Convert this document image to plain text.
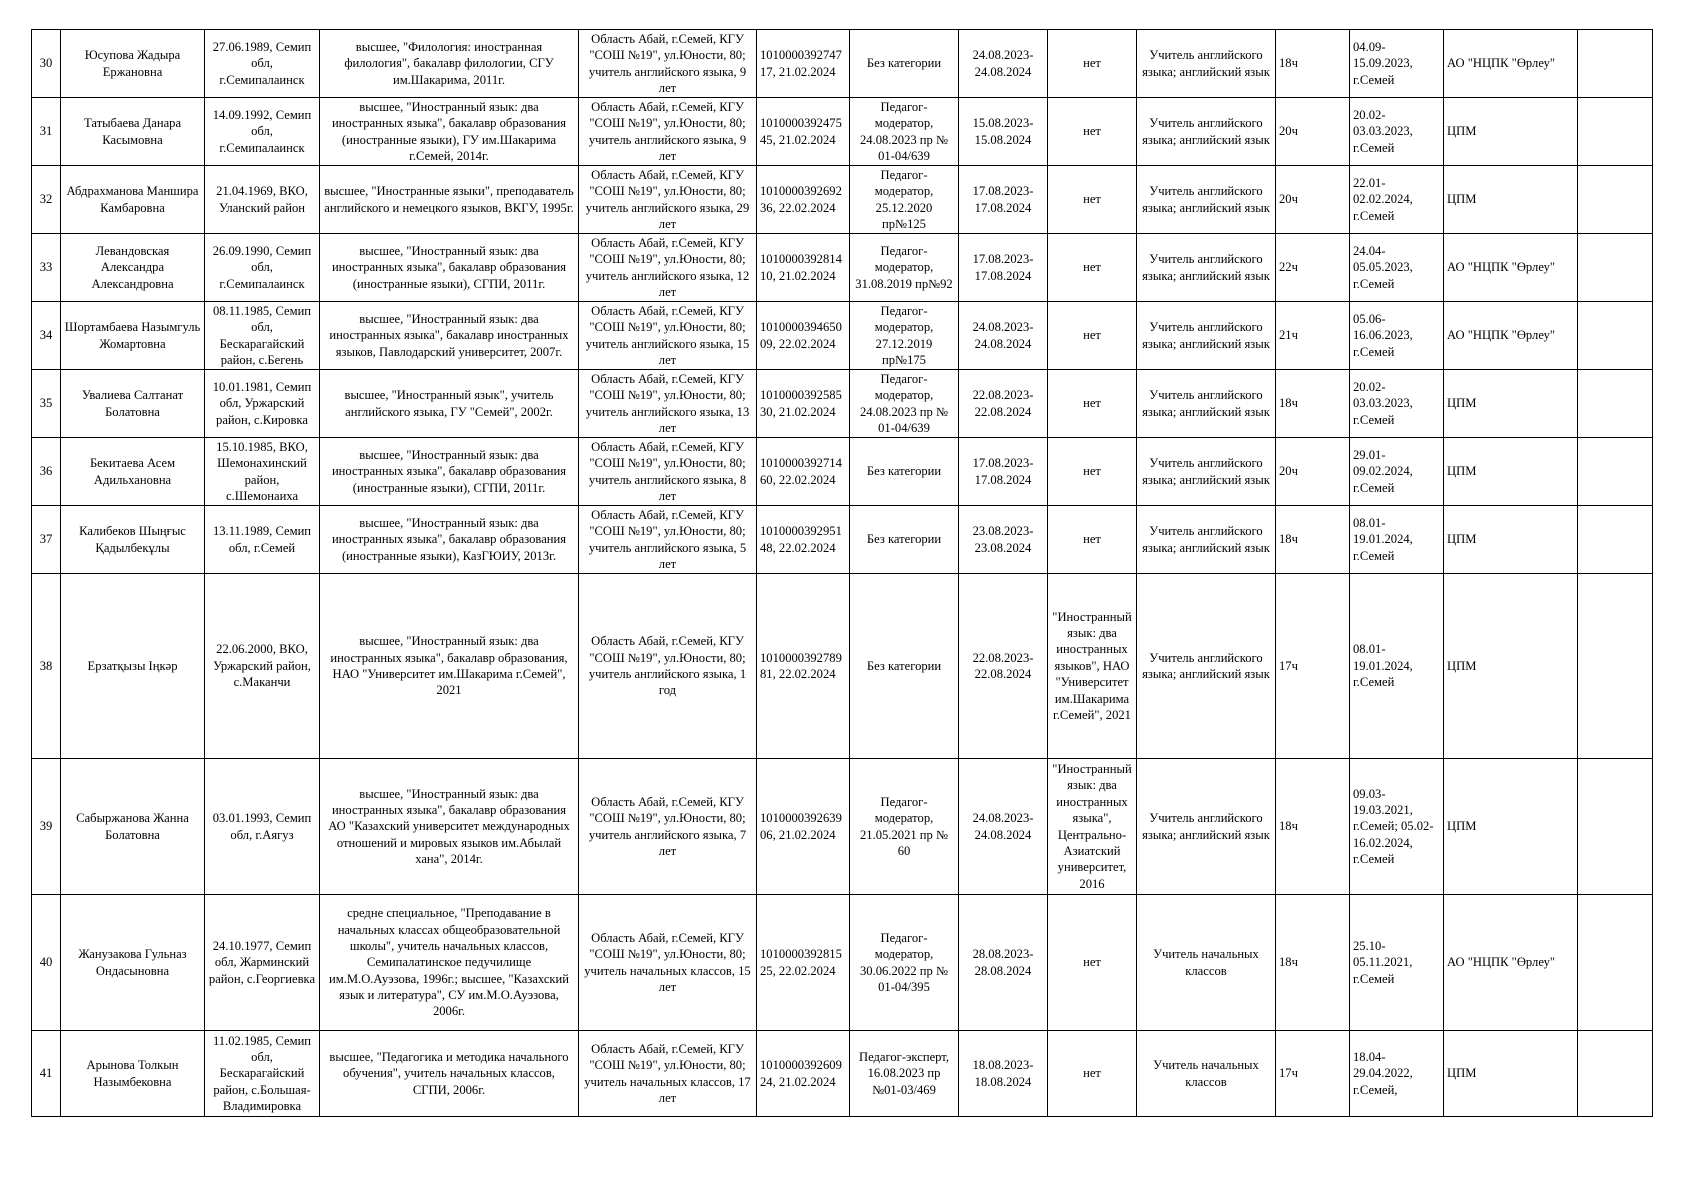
30	Юсупова Жадыра Ержановна	27.06.1989, Семип обл, г.Семипалаинск	высшее, "Филология: иностранная филология", бакалавр филологии, СГУ им.Шакарима, 2011г.	Область Абай, г.Семей, КГУ "СОШ №19", ул.Юности, 80; учитель английского языка, 9 лет	101000039274717, 21.02.2024	Без категории	24.08.2023-24.08.2024	нет	Учитель английского языка; английский язык	18ч	04.09-15.09.2023, г.Семей	АО "НЦПК "Өрлеу"	
31	Татыбаева Данара Касымовна	14.09.1992, Семип обл, г.Семипалаинск	высшее, "Иностранный язык: два иностранных языка", бакалавр образования (иностранные языки), ГУ им.Шакарима г.Семей, 2014г.	Область Абай, г.Семей, КГУ "СОШ №19", ул.Юности, 80; учитель английского языка, 9 лет	101000039247545, 21.02.2024	Педагог-модератор, 24.08.2023 пр № 01-04/639	15.08.2023-15.08.2024	нет	Учитель английского языка; английский язык	20ч	20.02-03.03.2023, г.Семей	ЦПМ	
32	Абдрахманова Маншира Камбаровна	21.04.1969, ВКО, Уланский район	высшее, "Иностранные языки", преподаватель английского и немецкого языков, ВКГУ, 1995г.	Область Абай, г.Семей, КГУ "СОШ №19", ул.Юности, 80; учитель английского языка, 29 лет	101000039269236, 22.02.2024	Педагог-модератор, 25.12.2020 пр№125	17.08.2023-17.08.2024	нет	Учитель английского языка; английский язык	20ч	22.01-02.02.2024, г.Семей	ЦПМ	
33	Левандовская Александра Александровна	26.09.1990, Семип обл, г.Семипалаинск	высшее, "Иностранный язык: два иностранных языка", бакалавр образования (иностранные языки), СГПИ, 2011г.	Область Абай, г.Семей, КГУ "СОШ №19", ул.Юности, 80; учитель английского языка, 12 лет	101000039281410, 21.02.2024	Педагог-модератор, 31.08.2019 пр№92	17.08.2023-17.08.2024	нет	Учитель английского языка; английский язык	22ч	24.04-05.05.2023, г.Семей	АО "НЦПК "Өрлеу"	
34	Шортамбаева Назымгуль Жомартовна	08.11.1985, Семип обл, Бескарагайский район, с.Бегень	высшее, "Иностранный язык: два иностранных языка", бакалавр иностранных языков, Павлодарский университет, 2007г.	Область Абай, г.Семей, КГУ "СОШ №19", ул.Юности, 80; учитель английского языка, 15 лет	101000039465009, 22.02.2024	Педагог-модератор, 27.12.2019 пр№175	24.08.2023-24.08.2024	нет	Учитель английского языка; английский язык	21ч	05.06-16.06.2023, г.Семей	АО "НЦПК "Өрлеу"	
35	Увалиева Салтанат Болатовна	10.01.1981, Семип обл, Уржарский район, с.Кировка	высшее, "Иностранный язык", учитель английского языка, ГУ "Семей", 2002г.	Область Абай, г.Семей, КГУ "СОШ №19", ул.Юности, 80; учитель английского языка, 13 лет	101000039258530, 21.02.2024	Педагог-модератор, 24.08.2023 пр № 01-04/639	22.08.2023-22.08.2024	нет	Учитель английского языка; английский язык	18ч	20.02-03.03.2023, г.Семей	ЦПМ	
36	Бекитаева Асем Адильхановна	15.10.1985, ВКО, Шемонахинский район, с.Шемонаиха	высшее, "Иностранный язык: два иностранных языка", бакалавр образования (иностранные языки), СГПИ, 2011г.	Область Абай, г.Семей, КГУ "СОШ №19", ул.Юности, 80; учитель английского языка, 8 лет	101000039271460, 22.02.2024	Без категории	17.08.2023-17.08.2024	нет	Учитель английского языка; английский язык	20ч	29.01-09.02.2024, г.Семей	ЦПМ	
37	Калибеков Шыңғыс Қадылбекұлы	13.11.1989, Семип обл, г.Семей	высшее, "Иностранный язык: два иностранных языка", бакалавр образования (иностранные языки), КазГЮИУ, 2013г.	Область Абай, г.Семей, КГУ "СОШ №19", ул.Юности, 80; учитель английского языка, 5 лет	101000039295148, 22.02.2024	Без категории	23.08.2023-23.08.2024	нет	Учитель английского языка; английский язык	18ч	08.01-19.01.2024, г.Семей	ЦПМ	
38	Ерзатқызы Іңкәр	22.06.2000, ВКО, Уржарский район, с.Маканчи	высшее, "Иностранный язык: два иностранных языка", бакалавр образования, НАО "Университет им.Шакарима г.Семей", 2021	Область Абай, г.Семей, КГУ "СОШ №19", ул.Юности, 80; учитель английского языка, 1 год	101000039278981, 22.02.2024	Без категории	22.08.2023-22.08.2024	"Иностранный язык: два иностранных языков", НАО "Университет им.Шакарима г.Семей", 2021	Учитель английского языка; английский язык	17ч	08.01-19.01.2024, г.Семей	ЦПМ	
39	Сабыржанова Жанна Болатовна	03.01.1993, Семип обл, г.Аягуз	высшее, "Иностранный язык: два иностранных языка", бакалавр образования АО "Казахский университет международных отношений и мировых языков им.Абылай хана", 2014г.	Область Абай, г.Семей, КГУ "СОШ №19", ул.Юности, 80; учитель английского языка, 7 лет	101000039263906, 21.02.2024	Педагог-модератор, 21.05.2021 пр № 60	24.08.2023-24.08.2024	"Иностранный язык: два иностранных языка", Центрально-Азиатский университет, 2016	Учитель английского языка; английский язык	18ч	09.03-19.03.2021, г.Семей; 05.02-16.02.2024, г.Семей	ЦПМ	
40	Жанузакова Гульназ Ондасыновна	24.10.1977, Семип обл, Жарминский район, с.Георгиевка	средне специальное, "Преподавание в начальных классах общеобразовательной школы", учитель начальных классов, Семипалатинское педучилище им.М.О.Ауэзова, 1996г.; высшее, "Казахский язык и литература", СУ им.М.О.Ауэзова, 2006г.	Область Абай, г.Семей, КГУ "СОШ №19", ул.Юности, 80; учитель начальных классов, 15 лет	101000039281525, 22.02.2024	Педагог-модератор, 30.06.2022 пр № 01-04/395	28.08.2023-28.08.2024	нет	Учитель начальных классов	18ч	25.10-05.11.2021, г.Семей	АО "НЦПК "Өрлеу"	
41	Арынова Толкын Назымбековна	11.02.1985, Семип обл, Бескарагайский район, с.Большая-Владимировка	высшее, "Педагогика и методика начального обучения", учитель начальных классов, СГПИ, 2006г.	Область Абай, г.Семей, КГУ "СОШ №19", ул.Юности, 80; учитель начальных классов, 17 лет	101000039260924, 21.02.2024	Педагог-эксперт, 16.08.2023 пр №01-03/469	18.08.2023-18.08.2024	нет	Учитель начальных классов	17ч	18.04-29.04.2022, г.Семей,	ЦПМ	
